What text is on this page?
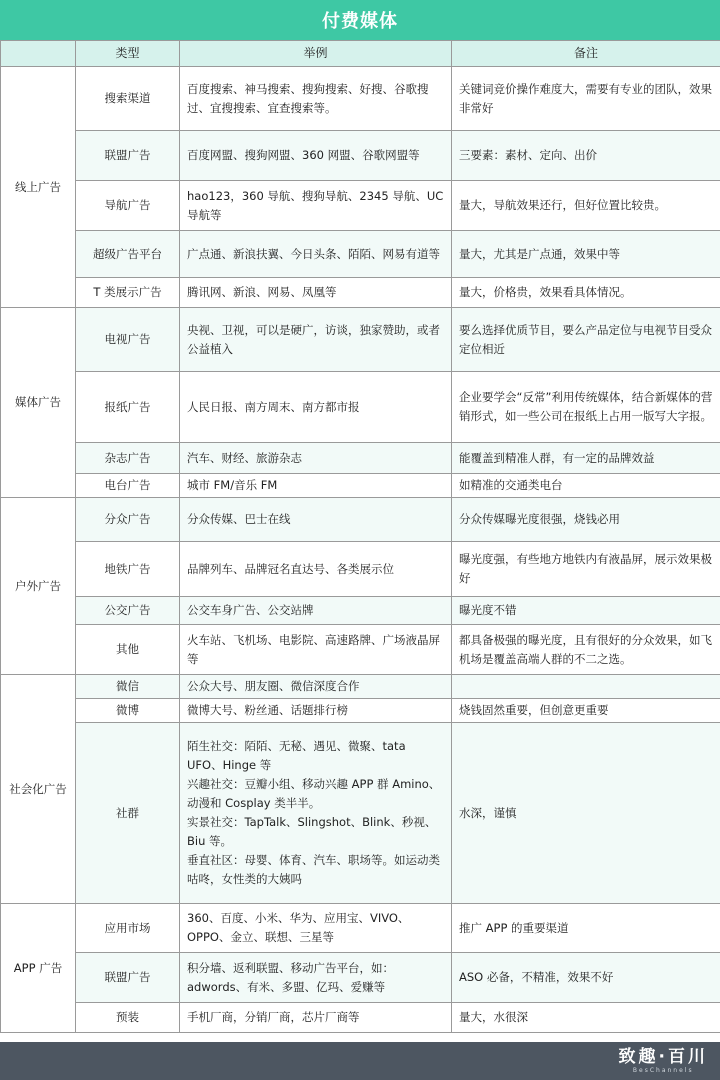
付费媒体
	类型	举例	备注
线上广告	搜索渠道	百度搜索、神马搜索、搜狗搜索、好搜、谷歌搜过、宜搜搜索、宜查搜索等。	关键词竞价操作难度大，需要有专业的团队，效果非常好
	联盟广告	百度网盟、搜狗网盟、360 网盟、谷歌网盟等	三要素：素材、定向、出价
	导航广告	hao123，360 导航、搜狗导航、2345 导航、UC 导航等	量大，导航效果还行，但好位置比较贵。
	超级广告平台	广点通、新浪扶翼、今日头条、陌陌、网易有道等	量大，尤其是广点通，效果中等
	T 类展示广告	腾讯网、新浪、网易、凤凰等	量大，价格贵，效果看具体情况。
媒体广告	电视广告	央视、卫视，可以是硬广，访谈，独家赞助，或者公益植入	要么选择优质节目，要么产品定位与电视节目受众定位相近
	报纸广告	人民日报、南方周末、南方都市报	企业要学会“反常”利用传统媒体，结合新媒体的营销形式，如一些公司在报纸上占用一版写大字报。
	杂志广告	汽车、财经、旅游杂志	能覆盖到精准人群，有一定的品牌效益
	电台广告	城市 FM/音乐 FM	如精准的交通类电台
户外广告	分众广告	分众传媒、巴士在线	分众传媒曝光度很强，烧钱必用
	地铁广告	品牌列车、品牌冠名直达号、各类展示位	曝光度强，有些地方地铁内有液晶屏，展示效果极好
	公交广告	公交车身广告、公交站牌	曝光度不错
	其他	火车站、飞机场、电影院、高速路牌、广场液晶屏等	都具备极强的曝光度，且有很好的分众效果，如飞机场是覆盖高端人群的不二之选。
社会化广告	微信	公众大号、朋友圈、微信深度合作	
	微博	微博大号、粉丝通、话题排行榜	烧钱固然重要，但创意更重要
	社群	陌生社交：陌陌、无秘、遇见、微聚、tata UFO、Hinge 等
兴趣社交：豆瓣小组、移动兴趣 APP 群 Amino、动漫和 Cosplay 类半半。
实景社交：TapTalk、Slingshot、Blink、秒视、Biu 等。
垂直社区：母婴、体育、汽车、职场等。如运动类咕咚，女性类的大姨吗	水深，谨慎
APP 广告	应用市场	360、百度、小米、华为、应用宝、VIVO、OPPO、金立、联想、三星等	推广 APP 的重要渠道
	联盟广告	积分墙、返利联盟、移动广告平台，如：adwords、有米、多盟、亿玛、爱赚等	ASO 必备，不精准，效果不好
	预装	手机厂商，分销厂商，芯片厂商等	量大，水很深
致趣·百川
BesChannels
